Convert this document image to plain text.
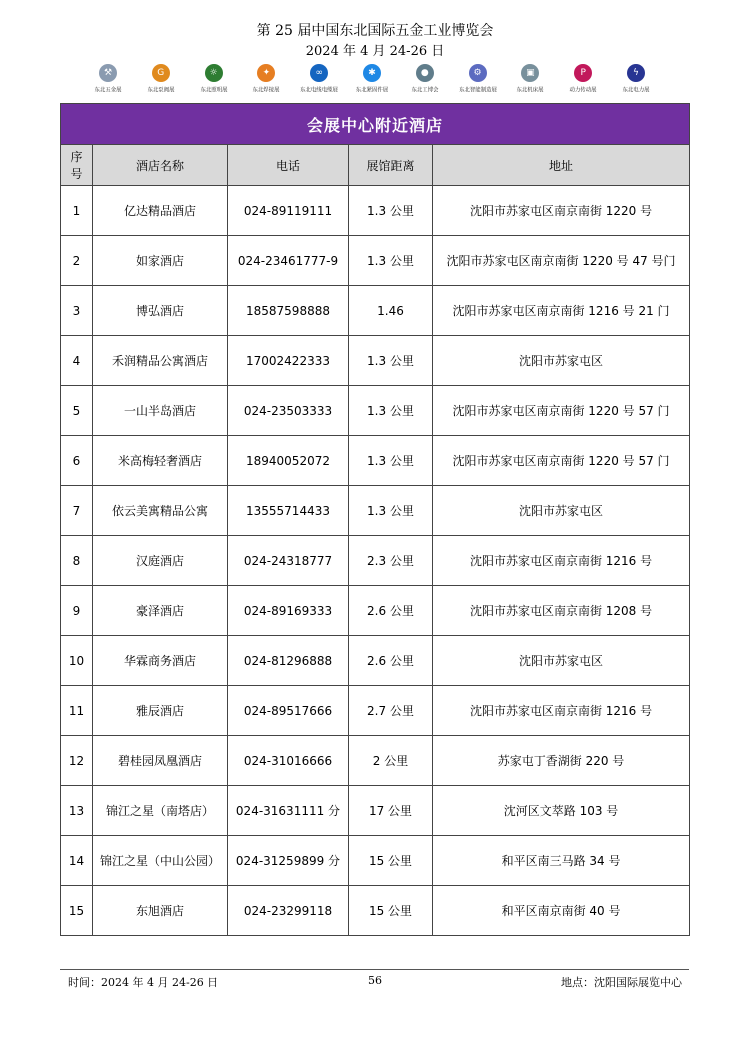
第 25 届中国东北国际五金工业博览会
2024 年 4 月 24-26 日
⚒
东北五金展
G
东北泵阀展
☼
东北照明展
✦
东北焊接展
∞
东北电线电缆展
✱
东北紧固件展
●
东北工博会
⚙
东北智能制造展
▣
东北机床展
P
动力传动展
ϟ
东北电力展
会展中心附近酒店				
序号	酒店名称	电话	展馆距离	地址
1	亿达精品酒店	024-89119111	1.3 公里	沈阳市苏家屯区南京南街 1220 号
2	如家酒店	024-23461777-9	1.3 公里	沈阳市苏家屯区南京南街 1220 号 47 号门
3	博弘酒店	18587598888	1.46	沈阳市苏家屯区南京南街 1216 号 21 门
4	禾润精品公寓酒店	17002422333	1.3 公里	沈阳市苏家屯区
5	一山半岛酒店	024-23503333	1.3 公里	沈阳市苏家屯区南京南街 1220 号 57 门
6	米高梅轻奢酒店	18940052072	1.3 公里	沈阳市苏家屯区南京南街 1220 号 57 门
7	依云美寓精品公寓	13555714433	1.3 公里	沈阳市苏家屯区
8	汉庭酒店	024-24318777	2.3 公里	沈阳市苏家屯区南京南街 1216 号
9	豪泽酒店	024-89169333	2.6 公里	沈阳市苏家屯区南京南街 1208 号
10	华霖商务酒店	024-81296888	2.6 公里	沈阳市苏家屯区
11	雅辰酒店	024-89517666	2.7 公里	沈阳市苏家屯区南京南街 1216 号
12	碧桂园凤凰酒店	024-31016666	2 公里	苏家屯丁香湖街 220 号
13	锦江之星（南塔店）	024-31631111 分	17 公里	沈河区文萃路 103 号
14	锦江之星（中山公园）	024-31259899 分	15 公里	和平区南三马路 34 号
15	东旭酒店	024-23299118	15 公里	和平区南京南街 40 号
时间：2024 年 4 月 24-26 日	56	地点：沈阳国际展览中心
